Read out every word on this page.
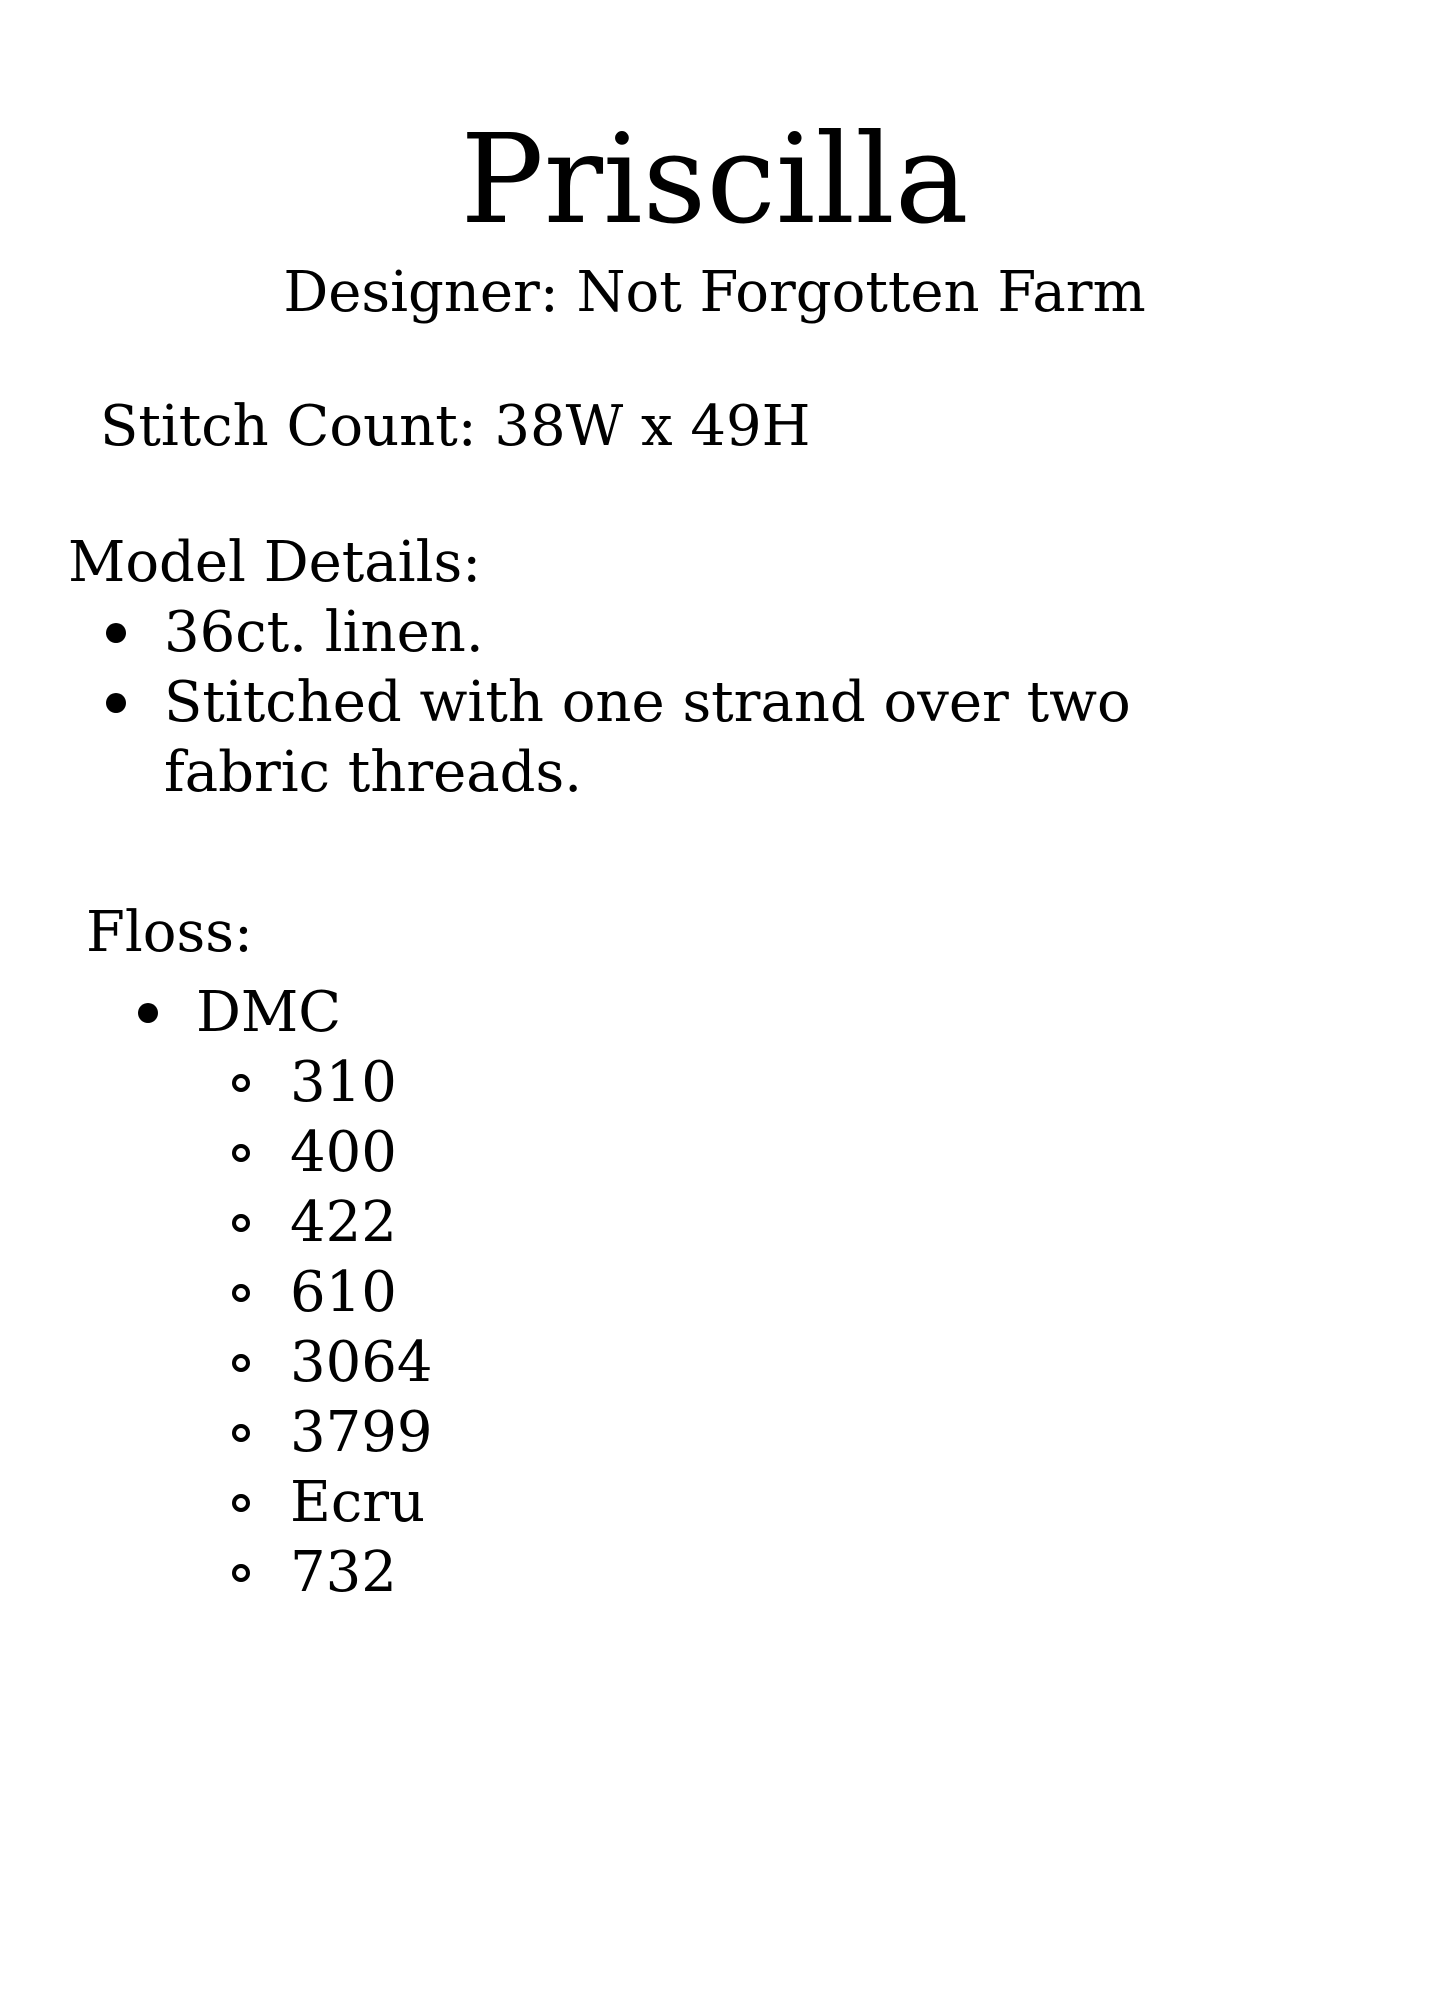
Priscilla

Designer: Not Forgotten Farm

Stitch Count: 38W x 49H

Model Details:

36ct. linen.
Stitched with one strand over two fabric threads.

Floss:

DMC
310
400
422
610
3064
3799
Ecru
732
